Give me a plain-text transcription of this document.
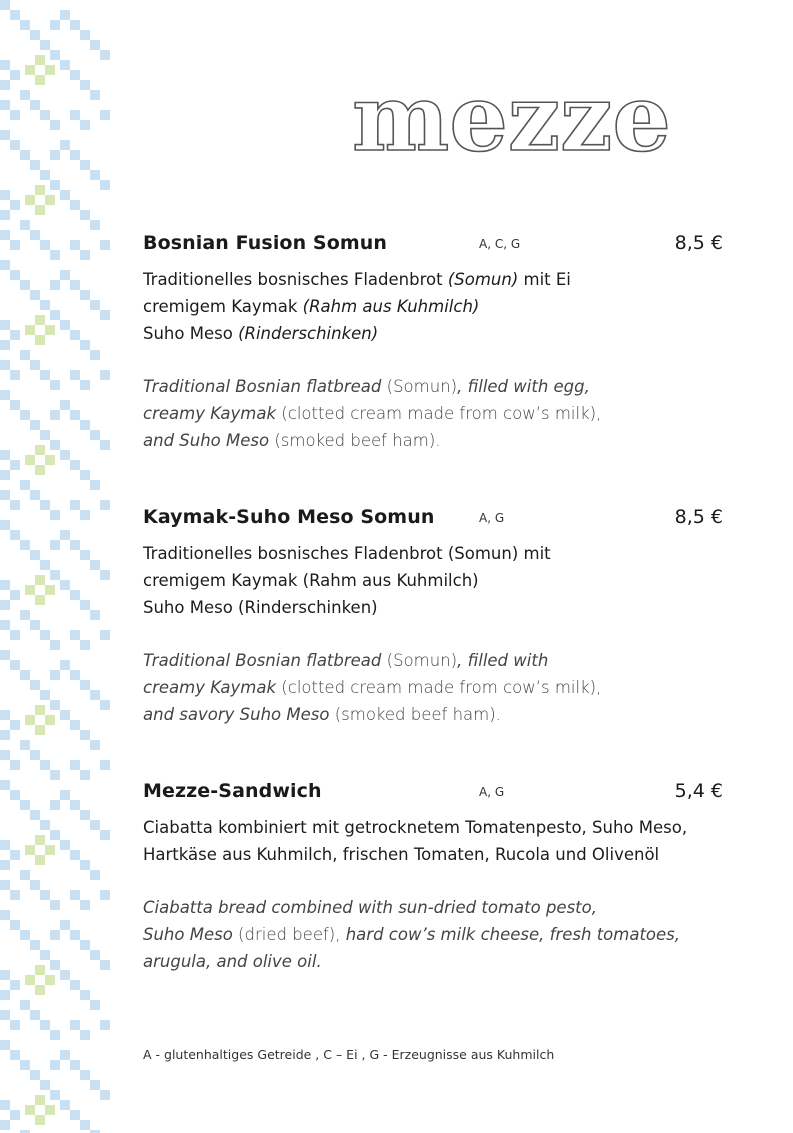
mezze
Bosnian Fusion Somun	A, C, G	8,5 €

Traditionelles bosnisches Fladenbrot (Somun) mit Ei
cremigem Kaymak (Rahm aus Kuhmilch)
Suho Meso (Rinderschinken)

Traditional Bosnian flatbread (Somun), filled with egg,
creamy Kaymak (clotted cream made from cow’s milk),
and Suho Meso (smoked beef ham).

Kaymak-Suho Meso Somun	A, G	8,5 €

Traditionelles bosnisches Fladenbrot (Somun) mit
cremigem Kaymak (Rahm aus Kuhmilch)
Suho Meso (Rinderschinken)

Traditional Bosnian flatbread (Somun), filled with
creamy Kaymak (clotted cream made from cow’s milk),
and savory Suho Meso (smoked beef ham).

Mezze-Sandwich	A, G	5,4 €

Ciabatta kombiniert mit getrocknetem Tomatenpesto, Suho Meso,
Hartkäse aus Kuhmilch, frischen Tomaten, Rucola und Olivenöl

Ciabatta bread combined with sun-dried tomato pesto,
Suho Meso (dried beef), hard cow’s milk cheese, fresh tomatoes,
arugula, and olive oil.

A - glutenhaltiges Getreide , C – Ei , G - Erzeugnisse aus Kuhmilch
